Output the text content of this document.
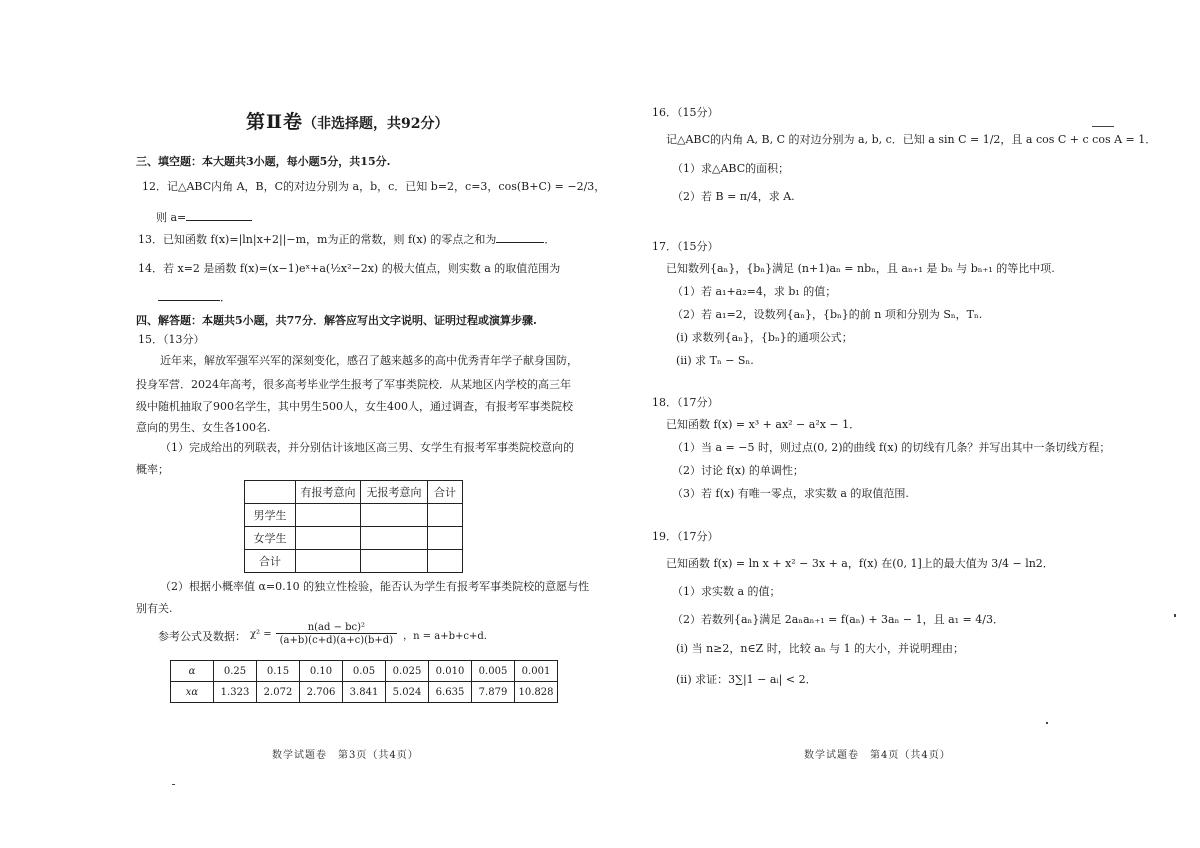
第Ⅱ卷（非选择题，共92分）
三、填空题：本大题共3小题，每小题5分，共15分.
12．记△ABC内角 A，B，C的对边分别为 a，b，c．已知 b=2，c=3，cos(B+C) = −2/3，
则 a=
13．已知函数 f(x)=|ln|x+2||−m，m为正的常数，则 f(x) 的零点之和为	．
14．若 x=2 是函数 f(x)=(x−1)eˣ+a(½x²−2x) 的极大值点，则实数 a 的取值范围为
．
四、解答题：本题共5小题，共77分．解答应写出文字说明、证明过程或演算步骤.
15．（13分）
近年来，解放军强军兴军的深刻变化，感召了越来越多的高中优秀青年学子献身国防，
投身军营．2024年高考，很多高考毕业学生报考了军事类院校．从某地区内学校的高三年
级中随机抽取了900名学生，其中男生500人，女生400人，通过调查，有报考军事类院校
意向的男生、女生各100名.
（1）完成给出的列联表，并分别估计该地区高三男、女学生有报考军事类院校意向的
概率；
	有报考意向	无报考意向	合计
男学生			
女学生			
合计			
（2）根据小概率值 α=0.10 的独立性检验，能否认为学生有报考军事类院校的意愿与性
别有关.
参考公式及数据： $\chi^2 = \frac{\text{n(ad − bc)²}}{(a+b)(c+d)(a+c)(b+d)}$ ，n = a+b+c+d．
α	0.25	0.15	0.10	0.05	0.025	0.010	0.005	0.001
xα	1.323	2.072	2.706	3.841	5.024	6.635	7.879	10.828
数学试题卷　第3页（共4页）
16．（15分）
记△ABC的内角 A, B, C 的对边分别为 a, b, c．已知 a sin C = 1/2，且 a cos C + c cos A = 1．
（1）求△ABC的面积；
（2）若 B = π/4，求 A.
17．（15分）
已知数列{aₙ}，{bₙ}满足 (n+1)aₙ = nbₙ，且 aₙ₊₁ 是 bₙ 与 bₙ₊₁ 的等比中项.
（1）若 a₁+a₂=4，求 b₁ 的值；
（2）若 a₁=2，设数列{aₙ}，{bₙ}的前 n 项和分别为 Sₙ，Tₙ.
(i) 求数列{aₙ}，{bₙ}的通项公式；
(ii) 求 Tₙ − Sₙ.
18．（17分）
已知函数 f(x) = x³ + ax² − a²x − 1．
（1）当 a = −5 时，则过点(0, 2)的曲线 f(x) 的切线有几条？并写出其中一条切线方程；
（2）讨论 f(x) 的单调性；
（3）若 f(x) 有唯一零点，求实数 a 的取值范围.
19．（17分）
已知函数 f(x) = ln x + x² − 3x + a，f(x) 在(0, 1]上的最大值为 3/4 − ln2．
（1）求实数 a 的值；
（2）若数列{aₙ}满足 2aₙaₙ₊₁ = f(aₙ) + 3aₙ − 1，且 a₁ = 4/3．
(i) 当 n≥2，n∈Z 时，比较 aₙ 与 1 的大小，并说明理由；
(ii) 求证：3∑|1 − aᵢ| < 2．
数学试题卷　第4页（共4页）
